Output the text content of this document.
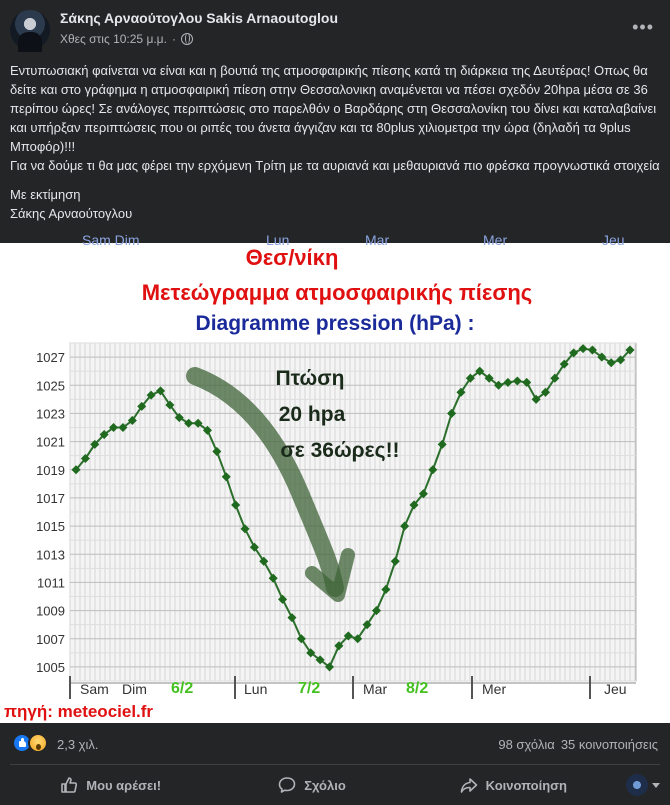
Σάκης Αρναούτογλου Sakis Arnaoutoglou
Χθες στις 10:25 μ.μ. ·
•••

Εντυπωσιακή φαίνεται να είναι και η βουτιά της ατμοσφαιρικής πίεσης κατά τη διάρκεια της Δευτέρας! Οπως θα δείτε και στο γράφημα η ατμοσφαιρική πίεση στην Θεσσαλονικη αναμένεται να πέσει σχεδόν 20hpa μέσα σε 36 περίπου ώρες! Σε ανάλογες περιπτώσεις στο παρελθόν ο Βαρδάρης στη Θεσσαλονίκη του δίνει και καταλαβαίνει και υπήρξαν περιπτώσεις που οι ριπές του άνετα άγγιζαν και τα 80plus χιλιομετρα την ώρα (δηλαδή τα 9plus Μποφόρ)!!!

Για να δούμε τι θα μας φέρει την ερχόμενη Τρίτη με τα αυριανά και μεθαυριανά πιο φρέσκα προγνωστικά στοιχεία

Με εκτίμηση

Σάκης Αρναούτογλου

Sam Dim	Lun	Mar	Mer	Jeu
Θεσ/νίκη
Μετεώγραμμα ατμοσφαιρικής πίεσης
Diagramme pression (hPa) :
1005
1007
1009
1011
1013
1015
1017
1019
1021
1023
1025
1027
Πτώση
20 hpa
σε 36ώρες!!
Sam Dim	Lun	Mar	Mer	Jeu
6/2	7/2	8/2
πηγή: meteociel.fr
2,3 χιλ.	98 σχόλια 35 κοινοποιήσεις
Μου αρέσει!	Σχόλιο	Κοινοποίηση
